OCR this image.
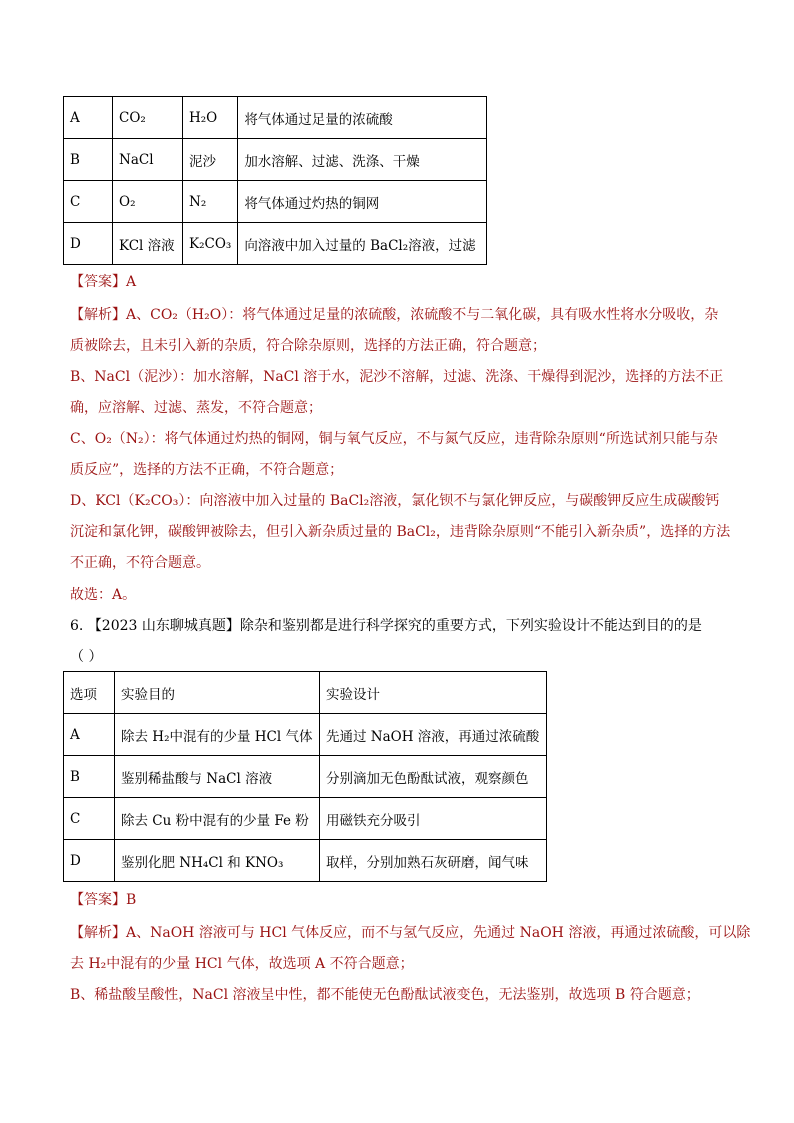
A	CO₂	H₂O	将气体通过足量的浓硫酸
B	NaCl	泥沙	加水溶解、过滤、洗涤、干燥
C	O₂	N₂	将气体通过灼热的铜网
D	KCl 溶液	K₂CO₃	向溶液中加入过量的 BaCl₂溶液，过滤
【答案】A
【解析】A、CO₂（H₂O）：将气体通过足量的浓硫酸，浓硫酸不与二氧化碳，具有吸水性将水分吸收，杂
质被除去，且未引入新的杂质，符合除杂原则，选择的方法正确，符合题意；
B、NaCl（泥沙）：加水溶解，NaCl 溶于水，泥沙不溶解，过滤、洗涤、干燥得到泥沙，选择的方法不正
确，应溶解、过滤、蒸发，不符合题意；
C、O₂（N₂）：将气体通过灼热的铜网，铜与氧气反应，不与氮气反应，违背除杂原则“所选试剂只能与杂
质反应”，选择的方法不正确，不符合题意；
D、KCl（K₂CO₃）：向溶液中加入过量的 BaCl₂溶液，氯化钡不与氯化钾反应，与碳酸钾反应生成碳酸钙
沉淀和氯化钾，碳酸钾被除去，但引入新杂质过量的 BaCl₂，违背除杂原则“不能引入新杂质”，选择的方法
不正确，不符合题意。
故选：A。
6. 【2023 山东聊城真题】除杂和鉴别都是进行科学探究的重要方式，下列实验设计不能达到目的的是
（ ）
选项	实验目的	实验设计
A	除去 H₂中混有的少量 HCl 气体	先通过 NaOH 溶液，再通过浓硫酸
B	鉴别稀盐酸与 NaCl 溶液	分别滴加无色酚酞试液，观察颜色
C	除去 Cu 粉中混有的少量 Fe 粉	用磁铁充分吸引
D	鉴别化肥 NH₄Cl 和 KNO₃	取样，分别加熟石灰研磨，闻气味
【答案】B
【解析】A、NaOH 溶液可与 HCl 气体反应，而不与氢气反应，先通过 NaOH 溶液，再通过浓硫酸，可以除
去 H₂中混有的少量 HCl 气体，故选项 A 不符合题意；
B、稀盐酸呈酸性，NaCl 溶液呈中性，都不能使无色酚酞试液变色，无法鉴别，故选项 B 符合题意；
